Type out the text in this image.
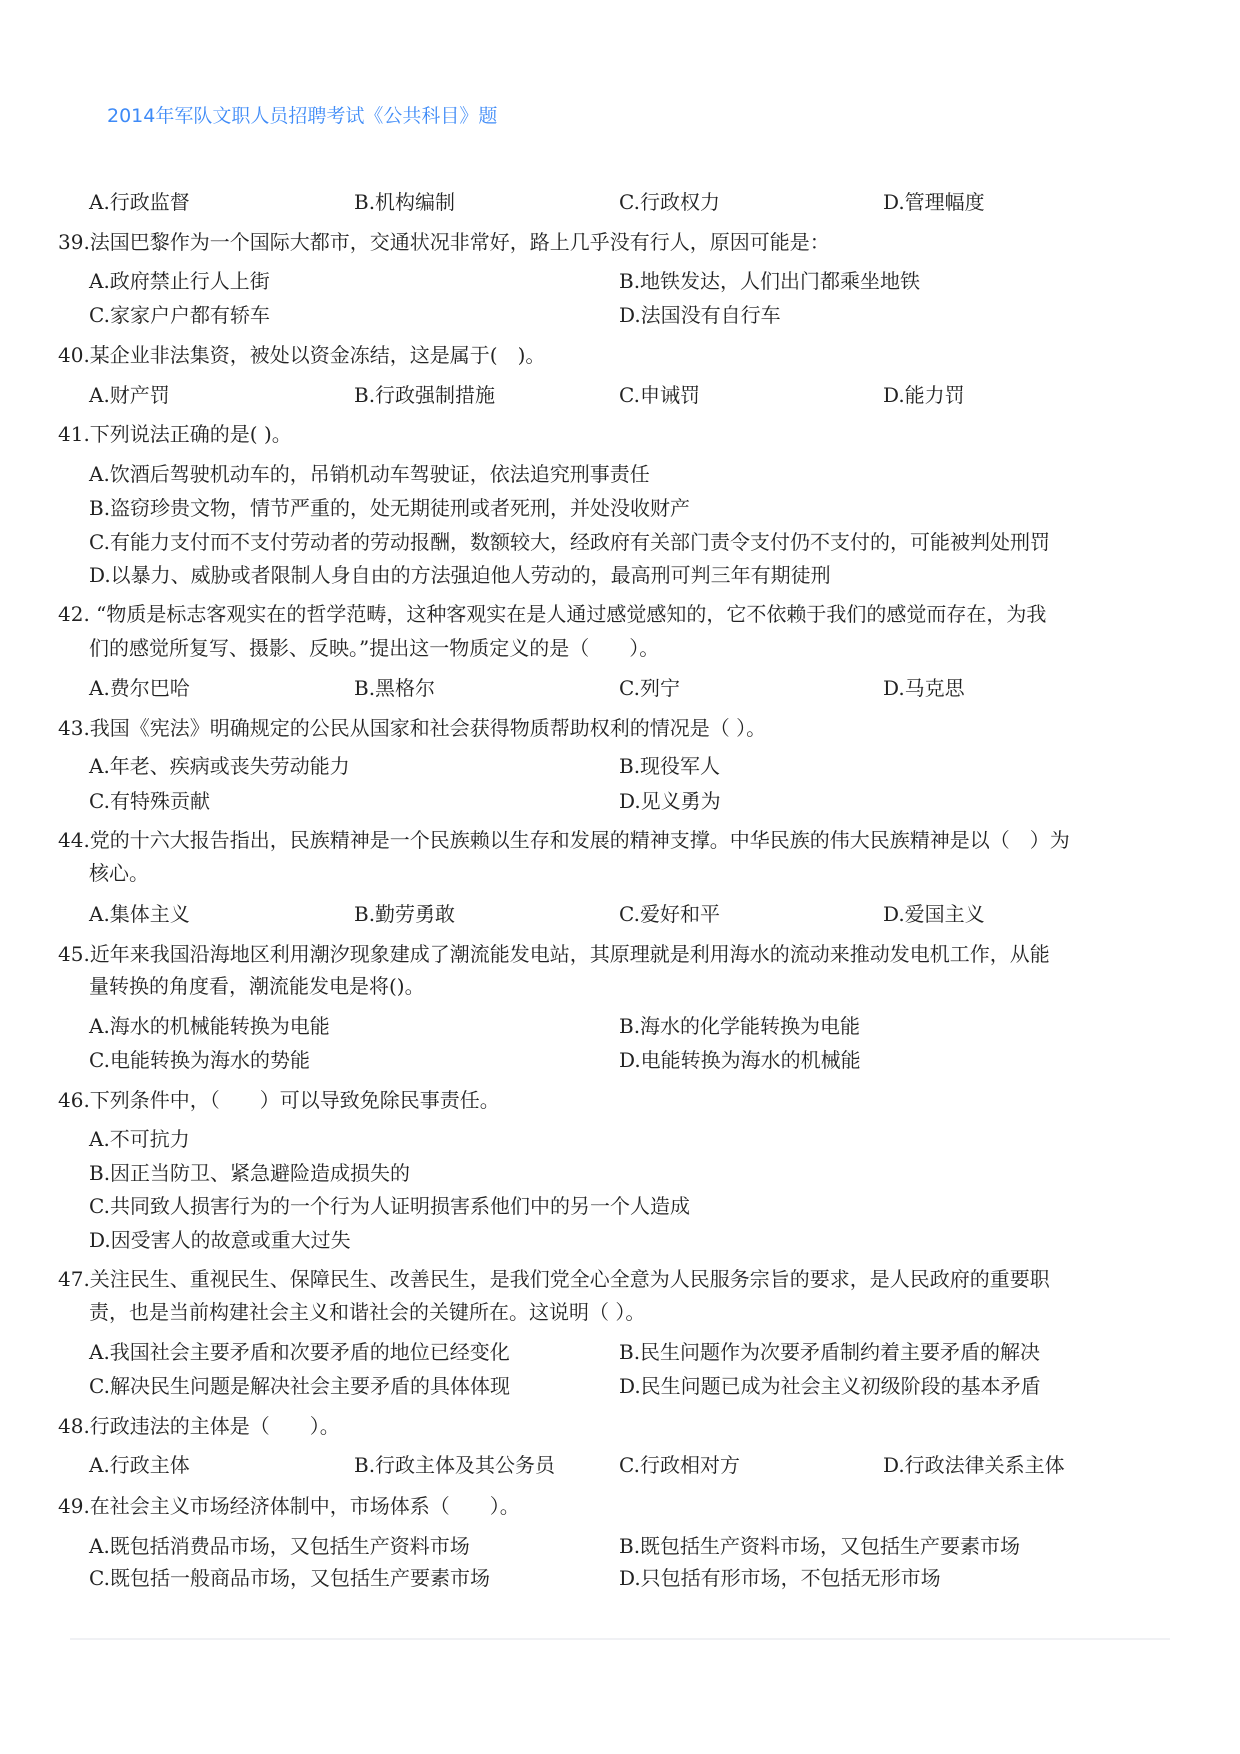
2014年军队文职人员招聘考试《公共科目》题
A.行政监督	B.机构编制	C.行政权力	D.管理幅度
39.法国巴黎作为一个国际大都市，交通状况非常好，路上几乎没有行人，原因可能是：
A.政府禁止行人上街	B.地铁发达，人们出门都乘坐地铁
C.家家户户都有轿车	D.法国没有自行车
40.某企业非法集资，被处以资金冻结，这是属于(　)。
A.财产罚	B.行政强制措施	C.申诫罚	D.能力罚
41.下列说法正确的是( )。
A.饮酒后驾驶机动车的，吊销机动车驾驶证，依法追究刑事责任
B.盗窃珍贵文物，情节严重的，处无期徒刑或者死刑，并处没收财产
C.有能力支付而不支付劳动者的劳动报酬，数额较大，经政府有关部门责令支付仍不支付的，可能被判处刑罚
D.以暴力、威胁或者限制人身自由的方法强迫他人劳动的，最高刑可判三年有期徒刑
42. “物质是标志客观实在的哲学范畴，这种客观实在是人通过感觉感知的，它不依赖于我们的感觉而存在，为我
们的感觉所复写、摄影、反映。”提出这一物质定义的是（　　）。
A.费尔巴哈	B.黑格尔	C.列宁	D.马克思
43.我国《宪法》明确规定的公民从国家和社会获得物质帮助权利的情况是（ ）。
A.年老、疾病或丧失劳动能力	B.现役军人
C.有特殊贡献	D.见义勇为
44.党的十六大报告指出，民族精神是一个民族赖以生存和发展的精神支撑。中华民族的伟大民族精神是以（　）为
核心。
A.集体主义	B.勤劳勇敢	C.爱好和平	D.爱国主义
45.近年来我国沿海地区利用潮汐现象建成了潮流能发电站，其原理就是利用海水的流动来推动发电机工作，从能
量转换的角度看，潮流能发电是将()。
A.海水的机械能转换为电能	B.海水的化学能转换为电能
C.电能转换为海水的势能	D.电能转换为海水的机械能
46.下列条件中，（　　）可以导致免除民事责任。
A.不可抗力
B.因正当防卫、紧急避险造成损失的
C.共同致人损害行为的一个行为人证明损害系他们中的另一个人造成
D.因受害人的故意或重大过失
47.关注民生、重视民生、保障民生、改善民生，是我们党全心全意为人民服务宗旨的要求，是人民政府的重要职
责，也是当前构建社会主义和谐社会的关键所在。这说明（ ）。
A.我国社会主要矛盾和次要矛盾的地位已经变化	B.民生问题作为次要矛盾制约着主要矛盾的解决
C.解决民生问题是解决社会主要矛盾的具体体现	D.民生问题已成为社会主义初级阶段的基本矛盾
48.行政违法的主体是（　　）。
A.行政主体	B.行政主体及其公务员	C.行政相对方	D.行政法律关系主体
49.在社会主义市场经济体制中，市场体系（　　）。
A.既包括消费品市场，又包括生产资料市场	B.既包括生产资料市场，又包括生产要素市场
C.既包括一般商品市场，又包括生产要素市场	D.只包括有形市场，不包括无形市场
